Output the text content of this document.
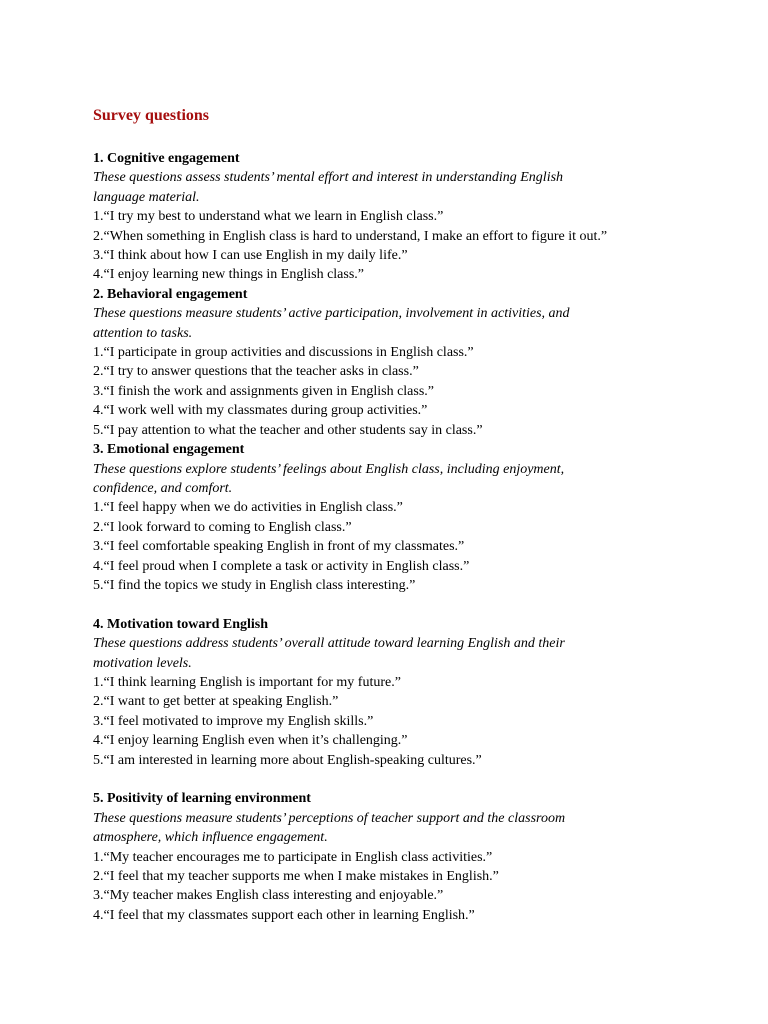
Survey questions
1. Cognitive engagement
These questions assess students’ mental effort and interest in understanding English
language material.
1.“I try my best to understand what we learn in English class.”
2.“When something in English class is hard to understand, I make an effort to figure it out.”
3.“I think about how I can use English in my daily life.”
4.“I enjoy learning new things in English class.”
2. Behavioral engagement
These questions measure students’ active participation, involvement in activities, and
attention to tasks.
1.“I participate in group activities and discussions in English class.”
2.“I try to answer questions that the teacher asks in class.”
3.“I finish the work and assignments given in English class.”
4.“I work well with my classmates during group activities.”
5.“I pay attention to what the teacher and other students say in class.”
3. Emotional engagement
These questions explore students’ feelings about English class, including enjoyment,
confidence, and comfort.
1.“I feel happy when we do activities in English class.”
2.“I look forward to coming to English class.”
3.“I feel comfortable speaking English in front of my classmates.”
4.“I feel proud when I complete a task or activity in English class.”
5.“I find the topics we study in English class interesting.”
4. Motivation toward English
These questions address students’ overall attitude toward learning English and their
motivation levels.
1.“I think learning English is important for my future.”
2.“I want to get better at speaking English.”
3.“I feel motivated to improve my English skills.”
4.“I enjoy learning English even when it’s challenging.”
5.“I am interested in learning more about English-speaking cultures.”
5. Positivity of learning environment
These questions measure students’ perceptions of teacher support and the classroom
atmosphere, which influence engagement.
1.“My teacher encourages me to participate in English class activities.”
2.“I feel that my teacher supports me when I make mistakes in English.”
3.“My teacher makes English class interesting and enjoyable.”
4.“I feel that my classmates support each other in learning English.”
